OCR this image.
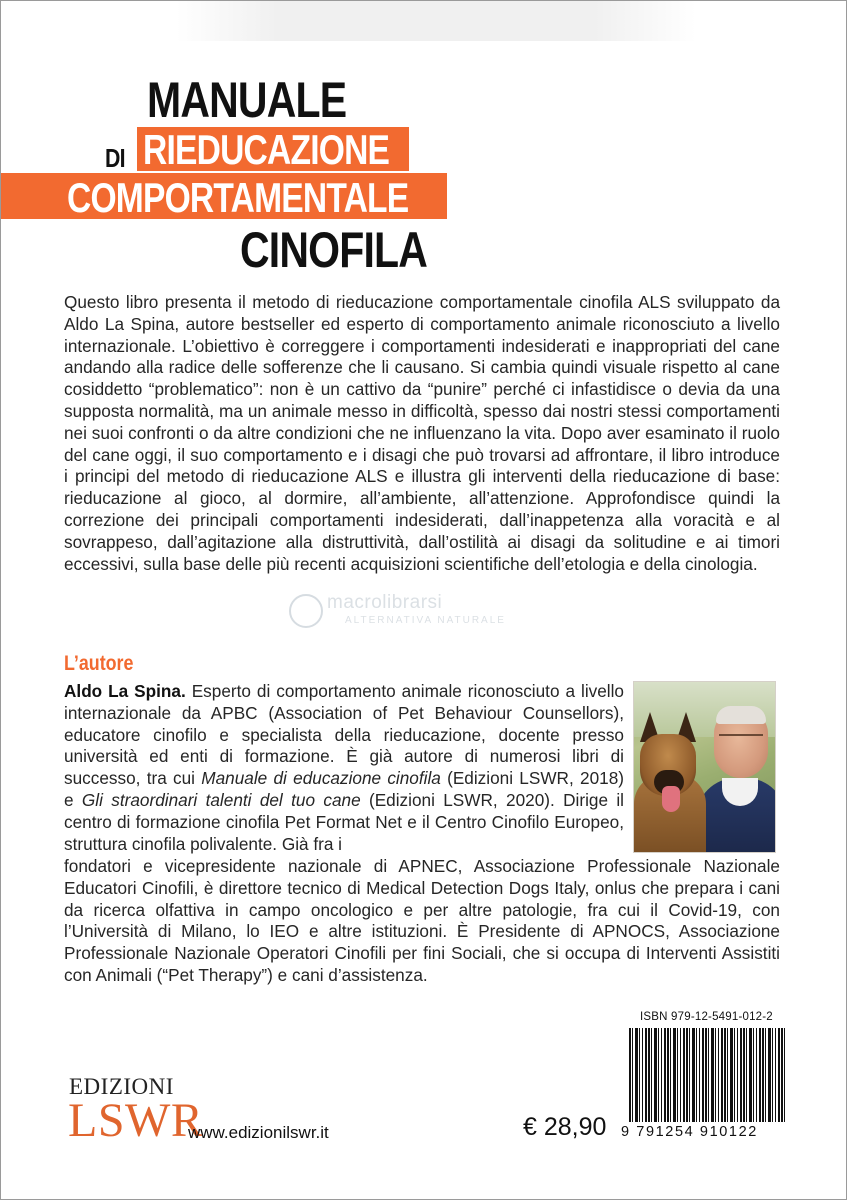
MANUALE
DI RIEDUCAZIONE
COMPORTAMENTALE
CINOFILA

Questo libro presenta il metodo di rieducazione comportamentale cinofila ALS sviluppato da Aldo La Spina, autore bestseller ed esperto di comportamento animale riconosciuto a livello internazionale. L’obiettivo è correggere i comportamenti indesiderati e inappropriati del cane andando alla radice delle sofferenze che li causano. Si cambia quindi visuale rispetto al cane cosiddetto “problematico”: non è un cattivo da “punire” perché ci infastidisce o devia da una supposta normalità, ma un animale messo in difficoltà, spesso dai nostri stessi comportamenti nei suoi confronti o da altre condizioni che ne influenzano la vita. Dopo aver esaminato il ruolo del cane oggi, il suo comportamento e i disagi che può trovarsi ad affrontare, il libro introduce i principi del metodo di rieducazione ALS e illustra gli interventi della rieducazione di base: rieducazione al gioco, al dormire, all’ambiente, all’attenzione. Approfondisce quindi la correzione dei principali comportamenti indesiderati, dall’inappetenza alla voracità e al sovrappeso, dall’agitazione alla distruttività, dall’ostilità ai disagi da solitudine e ai timori eccessivi, sulla base delle più recenti acquisizioni scientifiche dell’etologia e della cinologia.

macrolibrarsi
ALTERNATIVA NATURALE
L’autore

Aldo La Spina. Esperto di comportamento animale riconosciuto a livello internazionale da APBC (Association of Pet Behaviour Counsellors), educatore cinofilo e specialista della rieducazione, docente presso università ed enti di formazione. È già autore di numerosi libri di successo, tra cui Manuale di educazione cinofila (Edizioni LSWR, 2018) e Gli straordinari talenti del tuo cane (Edizioni LSWR, 2020). Dirige il centro di formazione cinofila Pet Format Net e il Centro Cinofilo Europeo, struttura cinofila polivalente. Già fra i

fondatori e vicepresidente nazionale di APNEC, Associazione Professionale Nazionale Educatori Cinofili, è direttore tecnico di Medical Detection Dogs Italy, onlus che prepara i cani da ricerca olfattiva in campo oncologico e per altre patologie, fra cui il Covid-19, con l’Università di Milano, lo IEO e altre istituzioni. È Presidente di APNOCS, Associazione Professionale Nazionale Operatori Cinofili per fini Sociali, che si occupa di Interventi Assistiti con Animali (“Pet Therapy”) e cani d’assistenza.

ISBN 979-12-5491-012-2
9 791254 910122
EDIZIONI
LSWR
www.edizionilswr.it	€ 28,90
